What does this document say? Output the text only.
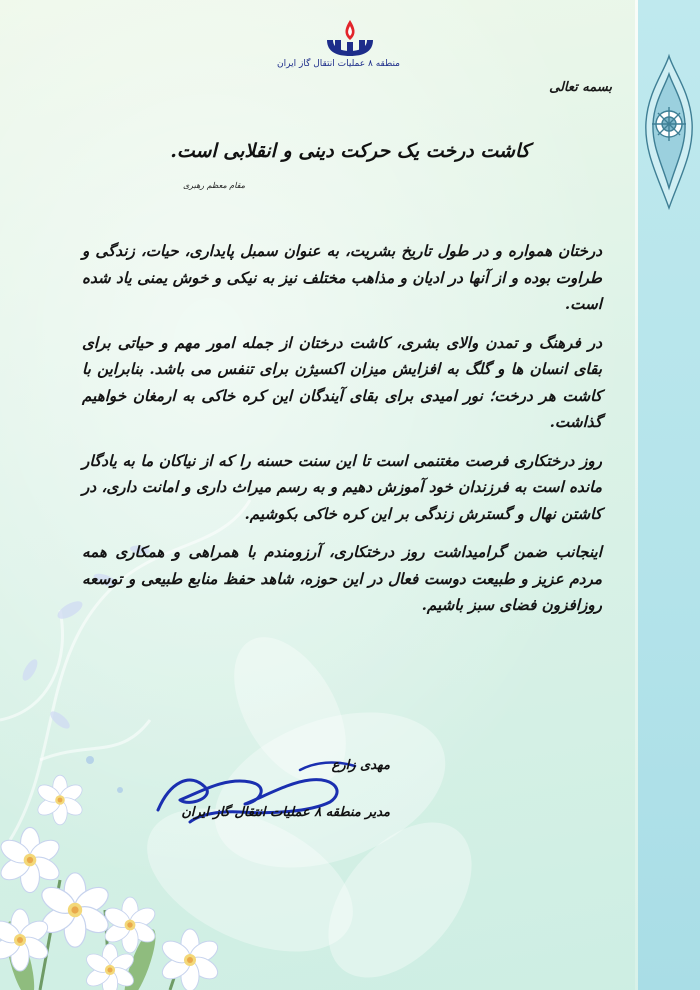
منطقه ۸ عملیات انتقال گاز ایران
بسمه تعالی
کاشت درخت یک حرکت دینی و انقلابی است.
مقام معظم رهبری

درختان همواره و در طول تاریخ بشریت، به عنوان سمبل پایداری، حیات، زندگی و طراوت بوده و از آنها در ادیان و مذاهب مختلف نیز به نیکی و خوش یمنی یاد شده است.

در فرهنگ و تمدن والای بشری، کاشت درختان از جمله امور مهم و حیاتی برای بقای انسان ها و گلگ به افزایش میزان اکسیژن برای تنفس می باشد. بنابراین با کاشت هر درخت؛ نور امیدی برای بقای آیندگان این کره خاکی به ارمغان خواهیم گذاشت.

روز درختکاری فرصت مغتنمی است تا این سنت حسنه را که از نیاکان ما به یادگار مانده است به فرزندان خود آموزش دهیم و به رسم میراث داری و امانت داری، در کاشتن نهال و گسترش زندگی بر این کره خاکی بکوشیم.

اینجانب ضمن گرامیداشت روز درختکاری، آرزومندم با همراهی و همکاری همه مردم عزیز و طبیعت دوست فعال در این حوزه، شاهد حفظ منابع طبیعی و توسعه روزافزون فضای سبز باشیم.

مهدی زارع
مدیر منطقه ۸ عملیات انتقال گاز ایران
